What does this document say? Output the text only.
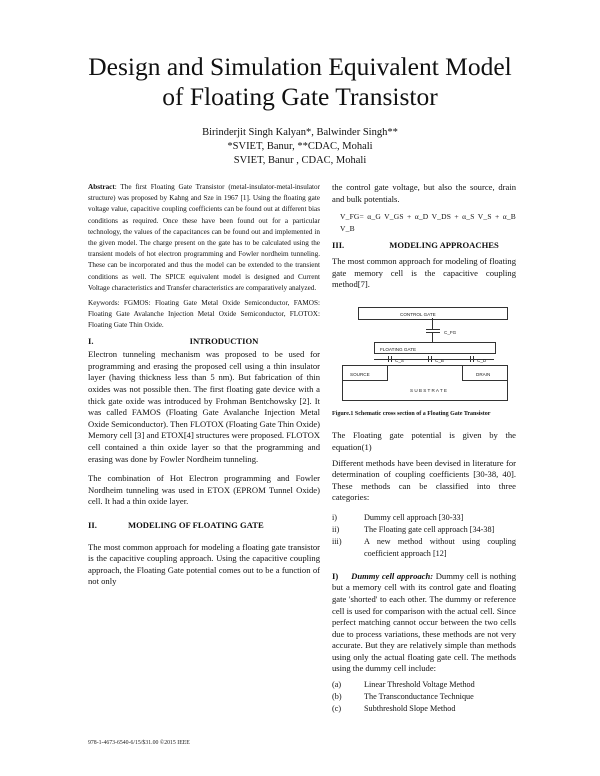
Design and Simulation Equivalent Model
of Floating Gate Transistor
Birinderjit Singh Kalyan*, Balwinder Singh**
*SVIET, Banur, **CDAC, Mohali
SVIET, Banur , CDAC, Mohali

Abstract: The first Floating Gate Transistor (metal-insulator-metal-insulator structure) was proposed by Kahng and Sze in 1967 [1]. Using the floating gate voltage value, capacitive coupling coefficients can be found out at different bias conditions as required. Once these have been found out for a particular technology, the values of the capacitances can be found out and implemented in the given model. The charge present on the gate has to be calculated using the transient models of hot electron programming and Fowler nordheim tunneling. These can be incorporated and thus the model can be extended to the transient conditions as well. The SPICE equivalent model is designed and Current Voltage characteristics and Transfer characteristics are comparatively analyzed.

Keywords: FGMOS: Floating Gate Metal Oxide Semiconductor, FAMOS: Floating Gate Avalanche Injection Metal Oxide Semiconductor, FLOTOX: Floating Gate Thin Oxide.

I.	INTRODUCTION

Electron tunneling mechanism was proposed to be used for programming and erasing the proposed cell using a thin insulator layer (having thickness less than 5 nm). But fabrication of thin oxides was not possible then. The first floating gate device with a thick gate oxide was introduced by Frohman Bentchowsky [2]. It was called FAMOS (Floating Gate Avalanche Injection Metal Oxide Semiconductor). Then FLOTOX (Floating Gate Thin Oxide) Memory cell [3] and ETOX[4] structures were proposed. FLOTOX cell contained a thin oxide layer so that the programming and erasing was done by Fowler Nordheim tunneling.

The combination of Hot Electron programming and Fowler Nordheim tunneling was used in ETOX (EPROM Tunnel Oxide) cell. It had a thin oxide layer.

II.	MODELING OF FLOATING GATE

The most common approach for modeling a floating gate transistor is the capacitive coupling approach. Using the capacitive coupling approach, the Floating Gate potential comes out to be a function of not only

the control gate voltage, but also the source, drain and bulk potentials.

V_FG= α_G V_GS + α_D V_DS + α_S V_S + α_B V_B
III.	MODELING APPROACHES

The most common approach for modeling of floating gate memory cell is the capacitive coupling method[7].

CONTROL GATE
C_FG
FLOATING GATE
C_S	C_B	C_D
SOURCE	DRAIN
S U B S T R A T E
Figure.1 Schematic cross section of a Floating Gate Transistor

The Floating gate potential is given by the equation(1)

Different methods have been devised in literature for determination of coupling coefficients [30-38, 40]. These methods can be classified into three categories:

i)	Dummy cell approach [30-33]
ii)	The Floating gate cell approach [34-38]
iii)	A new method without using coupling coefficient approach [12]

I) Dummy cell approach: Dummy cell is nothing but a memory cell with its control gate and floating gate 'shorted' to each other. The dummy or reference cell is used for comparison with the actual cell. Since perfect matching cannot occur between the two cells due to process variations, these methods are not very accurate. But they are relatively simple than methods using only the actual floating gate cell. The methods using the dummy cell include:

(a)	Linear Threshold Voltage Method
(b)	The Transconductance Technique
(c)	Subthreshold Slope Method
978-1-4673-6540-6/15/$31.00 ©2015 IEEE
